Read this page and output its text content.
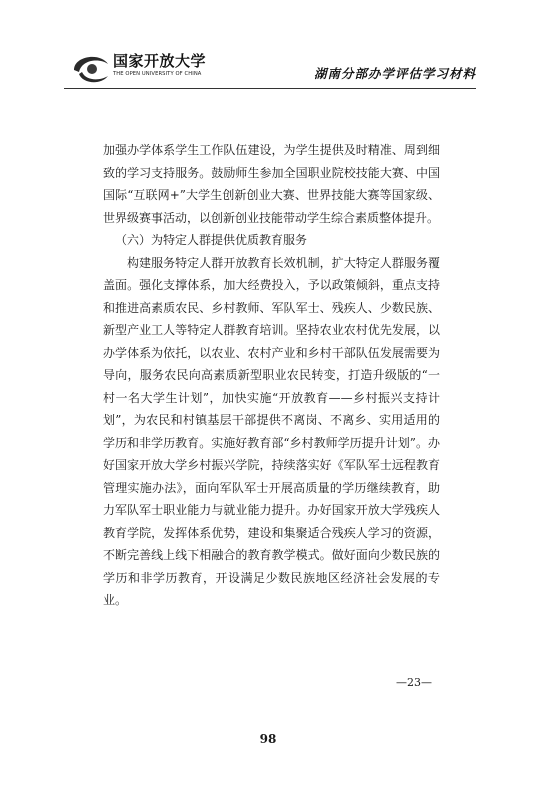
国家开放大学
THE OPEN UNIVERSITY OF CHINA	湖南分部办学评估学习材料

加强办学体系学生工作队伍建设，为学生提供及时精准、周到细致的学习支持服务。鼓励师生参加全国职业院校技能大赛、中国国际“互联网+”大学生创新创业大赛、世界技能大赛等国家级、世界级赛事活动，以创新创业技能带动学生综合素质整体提升。

（六）为特定人群提供优质教育服务

构建服务特定人群开放教育长效机制，扩大特定人群服务覆盖面。强化支撑体系，加大经费投入，予以政策倾斜，重点支持和推进高素质农民、乡村教师、军队军士、残疾人、少数民族、新型产业工人等特定人群教育培训。坚持农业农村优先发展，以办学体系为依托，以农业、农村产业和乡村干部队伍发展需要为导向，服务农民向高素质新型职业农民转变，打造升级版的“一村一名大学生计划”，加快实施“开放教育——乡村振兴支持计划”，为农民和村镇基层干部提供不离岗、不离乡、实用适用的学历和非学历教育。实施好教育部“乡村教师学历提升计划”。办好国家开放大学乡村振兴学院，持续落实好《军队军士远程教育管理实施办法》，面向军队军士开展高质量的学历继续教育，助力军队军士职业能力与就业能力提升。办好国家开放大学残疾人教育学院，发挥体系优势，建设和集聚适合残疾人学习的资源，不断完善线上线下相融合的教育教学模式。做好面向少数民族的学历和非学历教育，开设满足少数民族地区经济社会发展的专业。

—23—
98
